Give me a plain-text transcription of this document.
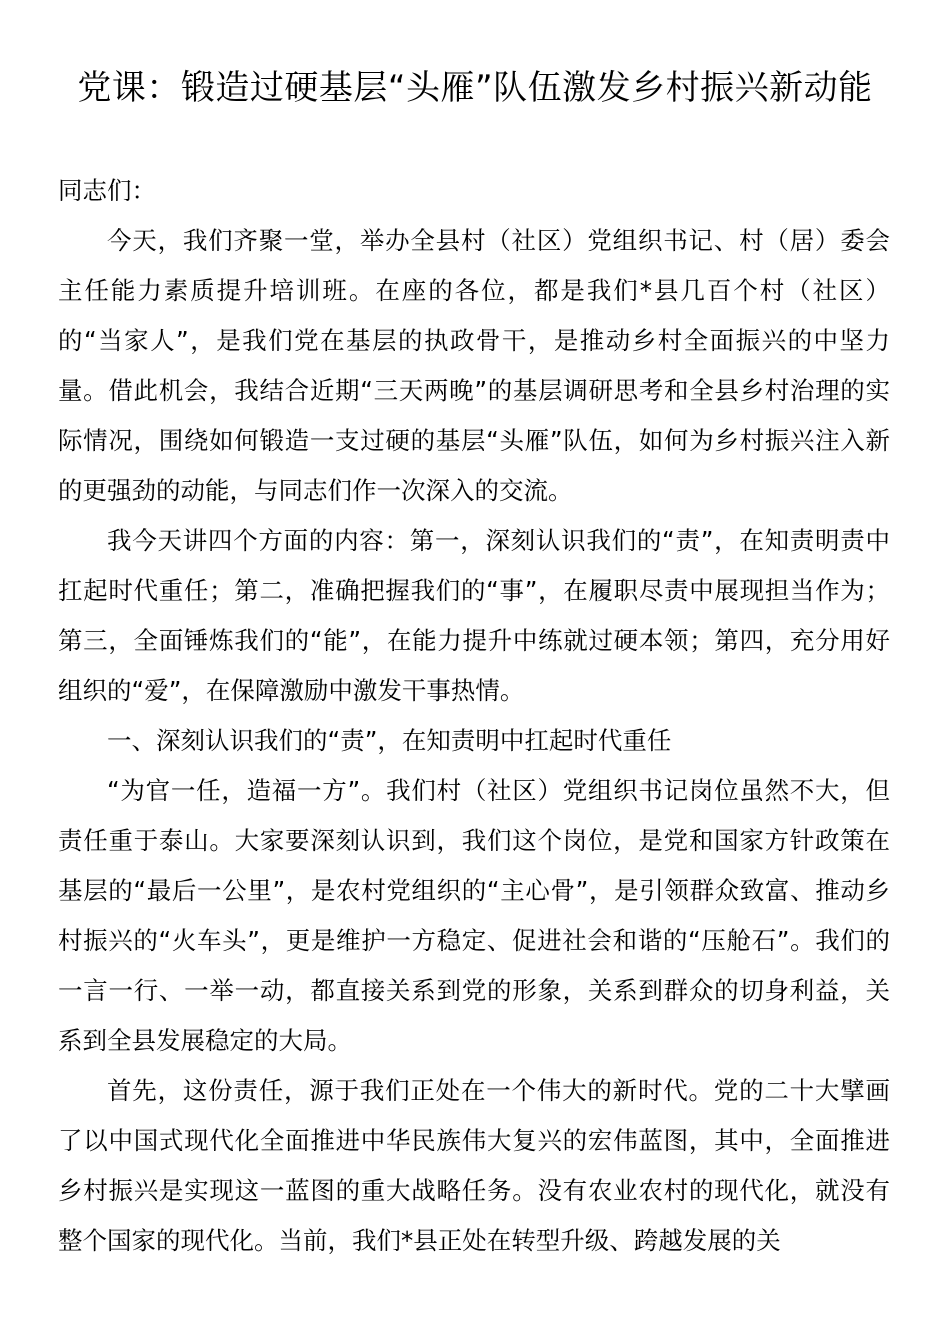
党课：锻造过硬基层“头雁”队伍激发乡村振兴新动能

同志们：

今天，我们齐聚一堂，举办全县村（社区）党组织书记、村（居）委会主任能力素质提升培训班。在座的各位，都是我们*县几百个村（社区）的“当家人”，是我们党在基层的执政骨干，是推动乡村全面振兴的中坚力量。借此机会，我结合近期“三天两晚”的基层调研思考和全县乡村治理的实际情况，围绕如何锻造一支过硬的基层“头雁”队伍，如何为乡村振兴注入新的更强劲的动能，与同志们作一次深入的交流。

我今天讲四个方面的内容：第一，深刻认识我们的“责”，在知责明责中扛起时代重任；第二，准确把握我们的“事”，在履职尽责中展现担当作为；第三，全面锤炼我们的“能”，在能力提升中练就过硬本领；第四，充分用好组织的“爱”，在保障激励中激发干事热情。

一、深刻认识我们的“责”，在知责明中扛起时代重任

“为官一任，造福一方”。我们村（社区）党组织书记岗位虽然不大，但责任重于泰山。大家要深刻认识到，我们这个岗位，是党和国家方针政策在基层的“最后一公里”，是农村党组织的“主心骨”，是引领群众致富、推动乡村振兴的“火车头”，更是维护一方稳定、促进社会和谐的“压舱石”。我们的一言一行、一举一动，都直接关系到党的形象，关系到群众的切身利益，关系到全县发展稳定的大局。

首先，这份责任，源于我们正处在一个伟大的新时代。党的二十大擘画了以中国式现代化全面推进中华民族伟大复兴的宏伟蓝图，其中，全面推进乡村振兴是实现这一蓝图的重大战略任务。没有农业农村的现代化，就没有整个国家的现代化。当前，我们*县正处在转型升级、跨越发展的关
